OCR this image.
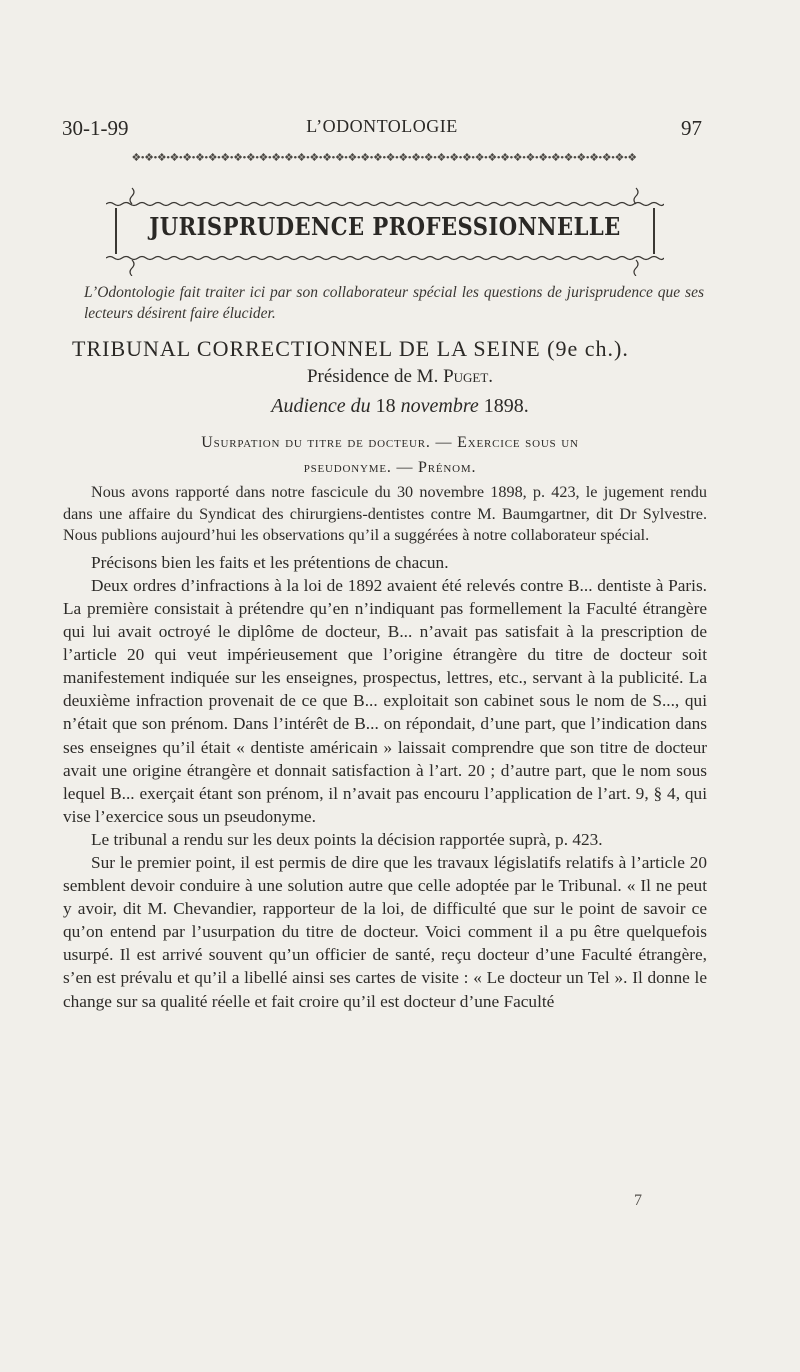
30-1-99	L’ODONTOLOGIE	97
❖•❖•❖•❖•❖•❖•❖•❖•❖•❖•❖•❖•❖•❖•❖•❖•❖•❖•❖•❖•❖•❖•❖•❖•❖•❖•❖•❖•❖•❖•❖•❖•❖•❖•❖•❖•❖•❖•❖•❖
JURISPRUDENCE PROFESSIONNELLE
L’Odontologie fait traiter ici par son collaborateur spécial les questions de jurisprudence que ses lecteurs désirent faire élucider.
TRIBUNAL CORRECTIONNEL DE LA SEINE (9e ch.).
Présidence de M. Puget.
Audience du 18 novembre 1898.
Usurpation du titre de docteur. — Exercice sous un
pseudonyme. — Prénom.

Nous avons rapporté dans notre fascicule du 30 novembre 1898, p. 423, le jugement rendu dans une affaire du Syndicat des chirurgiens-dentistes contre M. Baumgartner, dit Dr Sylvestre. Nous publions aujourd’hui les observations qu’il a suggérées à notre collaborateur spécial.

Précisons bien les faits et les prétentions de chacun.

Deux ordres d’infractions à la loi de 1892 avaient été relevés contre B... dentiste à Paris. La première consistait à prétendre qu’en n’indiquant pas formellement la Faculté étrangère qui lui avait octroyé le diplôme de docteur, B... n’avait pas satisfait à la prescription de l’article 20 qui veut impérieusement que l’origine étrangère du titre de docteur soit manifestement indiquée sur les enseignes, prospectus, lettres, etc., servant à la publicité. La deuxième infraction provenait de ce que B... exploitait son cabinet sous le nom de S..., qui n’était que son prénom. Dans l’intérêt de B... on répondait, d’une part, que l’indication dans ses enseignes qu’il était « dentiste américain » laissait comprendre que son titre de docteur avait une origine étrangère et donnait satisfaction à l’art. 20 ; d’autre part, que le nom sous lequel B... exerçait étant son prénom, il n’avait pas encouru l’application de l’art. 9, § 4, qui vise l’exercice sous un pseudonyme.

Le tribunal a rendu sur les deux points la décision rapportée suprà, p. 423.

Sur le premier point, il est permis de dire que les travaux législatifs relatifs à l’article 20 semblent devoir conduire à une solution autre que celle adoptée par le Tribunal. « Il ne peut y avoir, dit M. Chevandier, rapporteur de la loi, de difficulté que sur le point de savoir ce qu’on entend par l’usurpation du titre de docteur. Voici comment il a pu être quelquefois usurpé. Il est arrivé souvent qu’un officier de santé, reçu docteur d’une Faculté étrangère, s’en est prévalu et qu’il a libellé ainsi ses cartes de visite : « Le docteur un Tel ». Il donne le change sur sa qualité réelle et fait croire qu’il est docteur d’une Faculté

7
